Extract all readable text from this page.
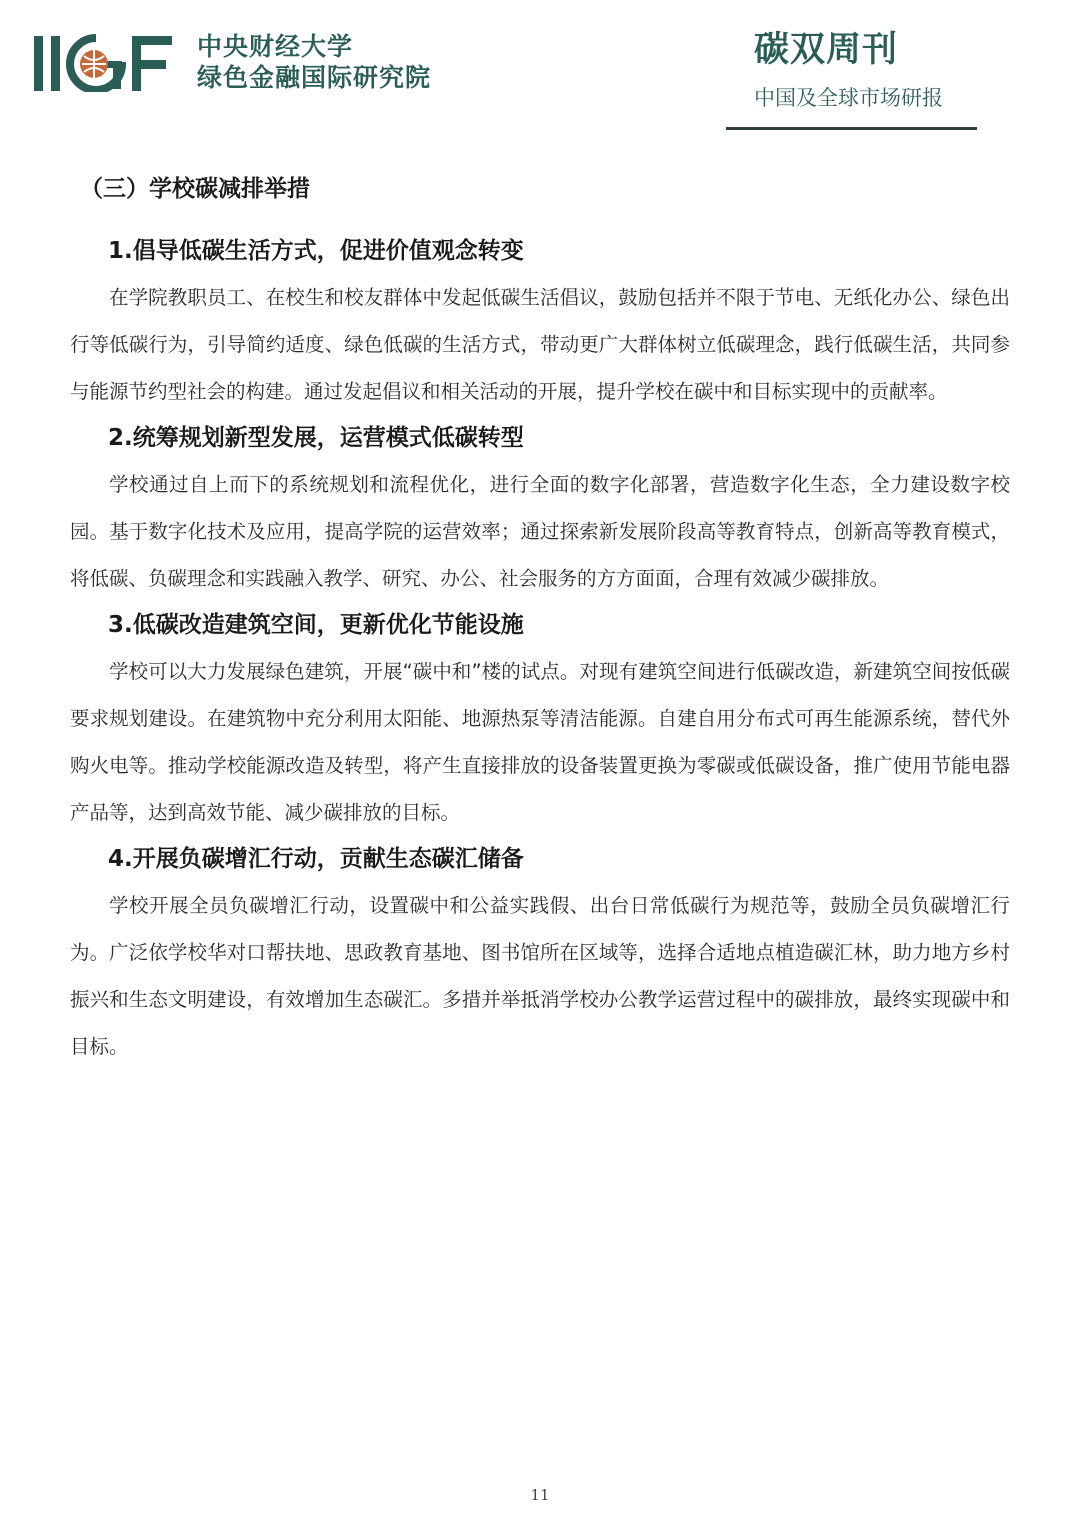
中央财经大学
绿色金融国际研究院
碳双周刊
中国及全球市场研报
（三）学校碳减排举措
1.倡导低碳生活方式，促进价值观念转变

在学院教职员工、在校生和校友群体中发起低碳生活倡议，鼓励包括并不限于节电、无纸化办公、绿色出行等低碳行为，引导简约适度、绿色低碳的生活方式，带动更广大群体树立低碳理念，践行低碳生活，共同参与能源节约型社会的构建。通过发起倡议和相关活动的开展，提升学校在碳中和目标实现中的贡献率。

2.统筹规划新型发展，运营模式低碳转型

学校通过自上而下的系统规划和流程优化，进行全面的数字化部署，营造数字化生态，全力建设数字校园。基于数字化技术及应用，提高学院的运营效率；通过探索新发展阶段高等教育特点，创新高等教育模式，将低碳、负碳理念和实践融入教学、研究、办公、社会服务的方方面面，合理有效减少碳排放。

3.低碳改造建筑空间，更新优化节能设施

学校可以大力发展绿色建筑，开展“碳中和”楼的试点。对现有建筑空间进行低碳改造，新建筑空间按低碳要求规划建设。在建筑物中充分利用太阳能、地源热泵等清洁能源。自建自用分布式可再生能源系统，替代外购火电等。推动学校能源改造及转型，将产生直接排放的设备装置更换为零碳或低碳设备，推广使用节能电器产品等，达到高效节能、减少碳排放的目标。

4.开展负碳增汇行动，贡献生态碳汇储备

学校开展全员负碳增汇行动，设置碳中和公益实践假、出台日常低碳行为规范等，鼓励全员负碳增汇行为。广泛依学校华对口帮扶地、思政教育基地、图书馆所在区域等，选择合适地点植造碳汇林，助力地方乡村振兴和生态文明建设，有效增加生态碳汇。多措并举抵消学校办公教学运营过程中的碳排放，最终实现碳中和目标。

11
